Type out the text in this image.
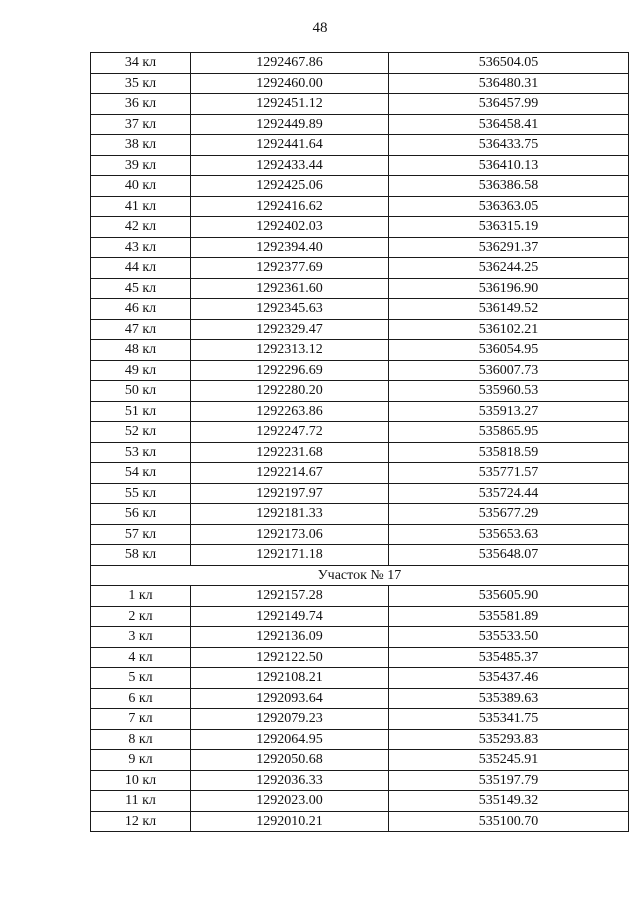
48
34 кл	1292467.86	536504.05
35 кл	1292460.00	536480.31
36 кл	1292451.12	536457.99
37 кл	1292449.89	536458.41
38 кл	1292441.64	536433.75
39 кл	1292433.44	536410.13
40 кл	1292425.06	536386.58
41 кл	1292416.62	536363.05
42 кл	1292402.03	536315.19
43 кл	1292394.40	536291.37
44 кл	1292377.69	536244.25
45 кл	1292361.60	536196.90
46 кл	1292345.63	536149.52
47 кл	1292329.47	536102.21
48 кл	1292313.12	536054.95
49 кл	1292296.69	536007.73
50 кл	1292280.20	535960.53
51 кл	1292263.86	535913.27
52 кл	1292247.72	535865.95
53 кл	1292231.68	535818.59
54 кл	1292214.67	535771.57
55 кл	1292197.97	535724.44
56 кл	1292181.33	535677.29
57 кл	1292173.06	535653.63
58 кл	1292171.18	535648.07
Участок № 17		
1 кл	1292157.28	535605.90
2 кл	1292149.74	535581.89
3 кл	1292136.09	535533.50
4 кл	1292122.50	535485.37
5 кл	1292108.21	535437.46
6 кл	1292093.64	535389.63
7 кл	1292079.23	535341.75
8 кл	1292064.95	535293.83
9 кл	1292050.68	535245.91
10 кл	1292036.33	535197.79
11 кл	1292023.00	535149.32
12 кл	1292010.21	535100.70
